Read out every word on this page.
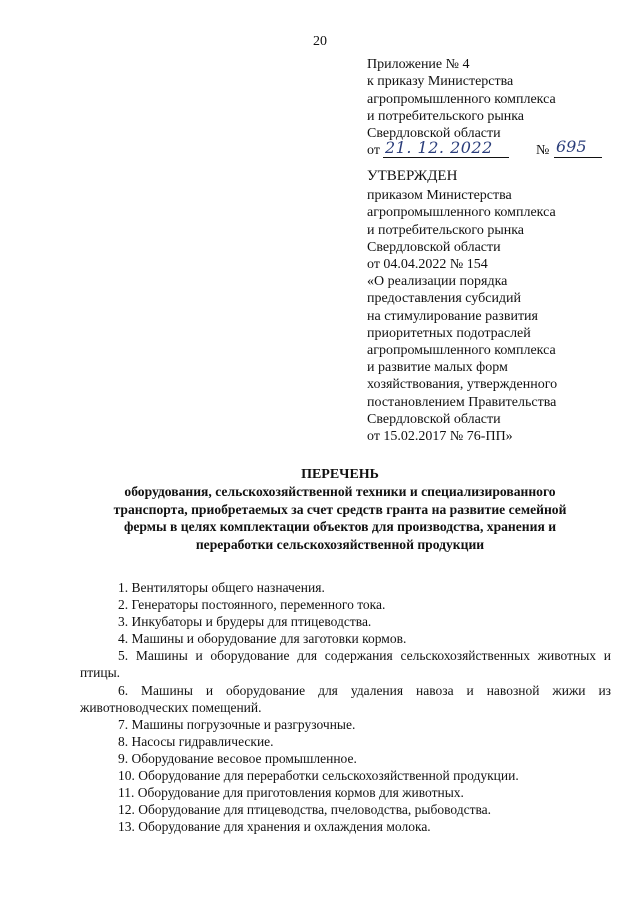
20
Приложение № 4
к приказу Министерства
агропромышленного комплекса
и потребительского рынка
Свердловской области
от 21. 12. 2022	№ 695
УТВЕРЖДЕН
приказом Министерства
агропромышленного комплекса
и потребительского рынка
Свердловской области
от 04.04.2022 № 154
«О реализации порядка
предоставления субсидий
на стимулирование развития
приоритетных подотраслей
агропромышленного комплекса
и развитие малых форм
хозяйствования, утвержденного
постановлением Правительства
Свердловской области
от 15.02.2017 № 76-ПП»
ПЕРЕЧЕНЬ
оборудования, сельскохозяйственной техники и специализированного
транспорта, приобретаемых за счет средств гранта на развитие семейной
фермы в целях комплектации объектов для производства, хранения и
переработки сельскохозяйственной продукции
1. Вентиляторы общего назначения.
2. Генераторы постоянного, переменного тока.
3. Инкубаторы и брудеры для птицеводства.
4. Машины и оборудование для заготовки кормов.
5. Машины и оборудование для содержания сельскохозяйственных животных и птицы.
6. Машины и оборудование для удаления навоза и навозной жижи из животноводческих помещений.
7. Машины погрузочные и разгрузочные.
8. Насосы гидравлические.
9. Оборудование весовое промышленное.
10. Оборудование для переработки сельскохозяйственной продукции.
11. Оборудование для приготовления кормов для животных.
12. Оборудование для птицеводства, пчеловодства, рыбоводства.
13. Оборудование для хранения и охлаждения молока.
